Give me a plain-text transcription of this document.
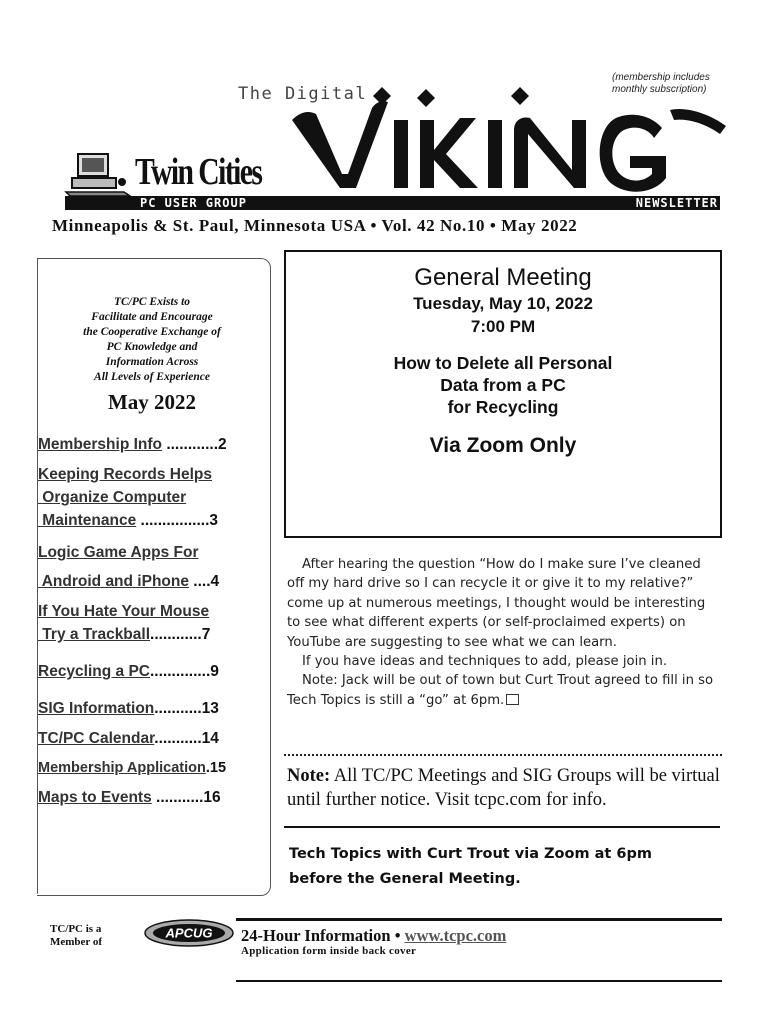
The Digital
(membership includes
monthly subscription)
Twin Cities
PC USER GROUP	NEWSLETTER
Minneapolis & St. Paul, Minnesota USA • Vol. 42 No.10 • May 2022
TC/PC Exists to
Facilitate and Encourage
the Cooperative Exchange of
PC Knowledge and
Information Across
All Levels of Experience
May 2022
Membership Info ............2
Keeping Records Helps
Organize Computer
Maintenance ................3
Logic Game Apps For
Android and iPhone ....4
If You Hate Your Mouse
Try a Trackball............7
Recycling a PC..............9
SIG Information...........13
TC/PC Calendar...........14
Membership Application.15
Maps to Events ...........16
General Meeting
Tuesday, May 10, 2022
7:00 PM
How to Delete all Personal
Data from a PC
for Recycling
Via Zoom Only

After hearing the question “How do I make sure I’ve cleaned off my hard drive so I can recycle it or give it to my relative?” come up at numerous meetings, I thought would be interesting to see what different experts (or self-proclaimed experts) on YouTube are suggesting to see what we can learn.

If you have ideas and techniques to add, please join in.

Note: Jack will be out of town but Curt Trout agreed to fill in so Tech Topics is still a “go” at 6pm.

Note: All TC/PC Meetings and SIG Groups will be virtual until further notice. Visit tcpc.com for info.
Tech Topics with Curt Trout via Zoom at 6pm
before the General Meeting.
TC/PC is a
Member of
APCUG 24-Hour Information • www.tcpc.com
Application form inside back cover
